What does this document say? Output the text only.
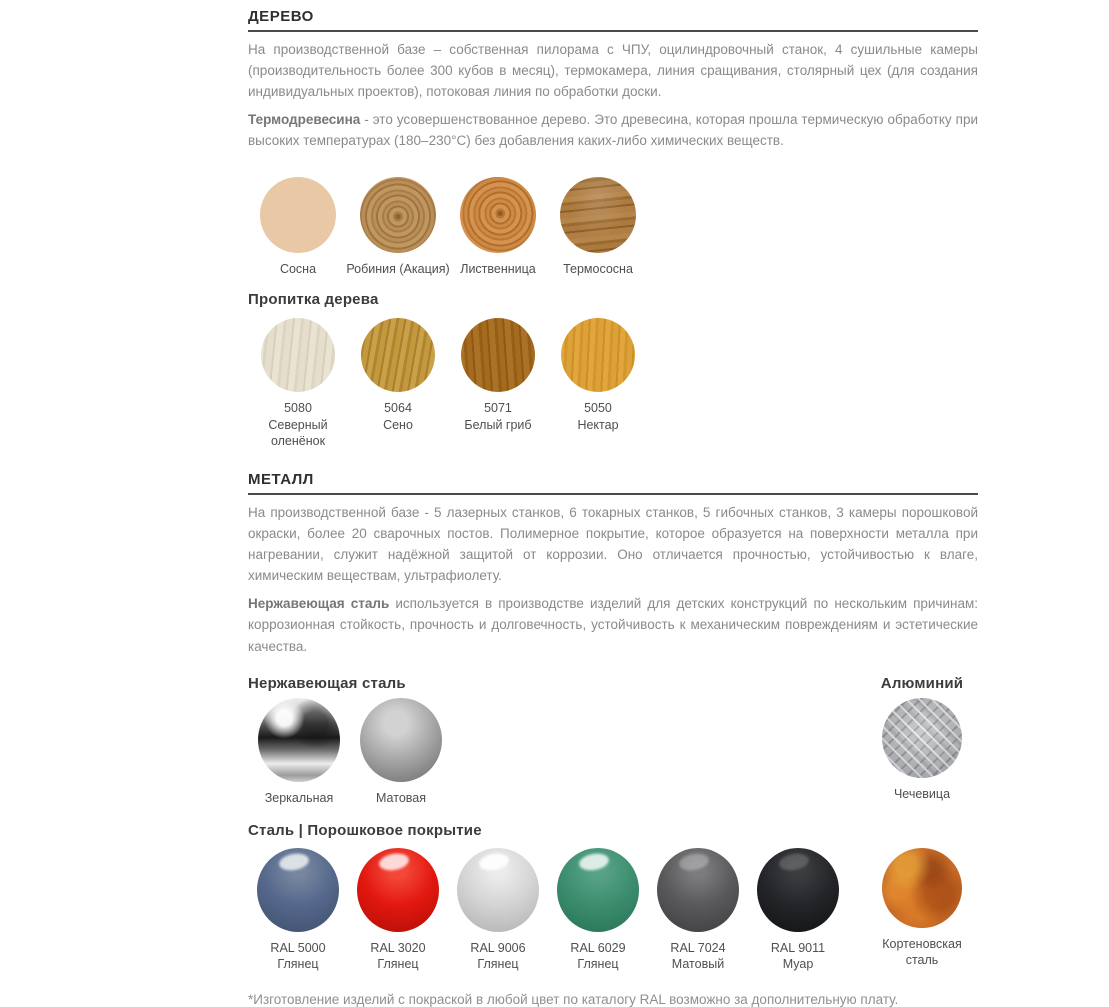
ДЕРЕВО

На производственной базе – собственная пилорама с ЧПУ, оцилиндровочный станок, 4 сушильные камеры (производительность более 300 кубов в месяц), термокамера, линия сращивания, столярный цех (для создания индивидуальных проектов), потоковая линия по обработки доски.

Термодревесина - это усовершенствованное дерево. Это древесина, которая прошла термическую обработку при высоких температурах (180–230°С) без добавления каких-либо химических веществ.

Сосна Робиния (Акация) Лиственница Термососна
Пропитка дерева
5080
Северный оленёнок
5064
Сено
5071
Белый гриб
5050
Нектар
МЕТАЛЛ

На производственной базе - 5 лазерных станков, 6 токарных станков, 5 гибочных станков, 3 камеры порошковой окраски, более 20 сварочных постов. Полимерное покрытие, которое образуется на поверхности металла при нагревании, служит надёжной защитой от коррозии. Оно отличается прочностью, устойчивостью к влаге, химическим веществам, ультрафиолету.

Нержавеющая сталь используется в производстве изделий для детских конструкций по нескольким причинам: коррозионная стойкость, прочность и долговечность, устойчивость к механическим повреждениям и эстетические качества.

Нержавеющая сталь	Алюминий
Зеркальная	Матовая	Чечевица
Сталь | Порошковое покрытие
RAL 5000
Глянец
RAL 3020
Глянец
RAL 9006
Глянец
RAL 6029
Глянец
RAL 7024
Матовый
RAL 9011
Муар
Кортеновская сталь

*Изготовление изделий с покраской в любой цвет по каталогу RAL возможно за дополнительную плату.
